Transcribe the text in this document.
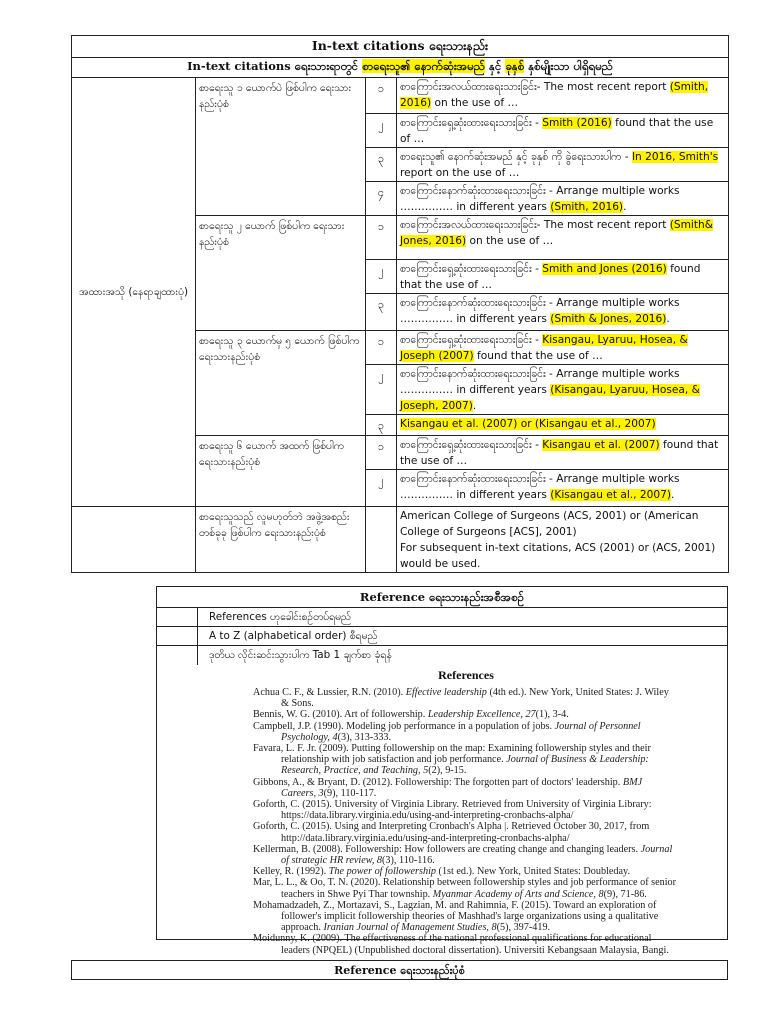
In-text citations ရေးသားနည်း			
In-text citations ရေးသားရာတွင် စာရေးသူ၏ နောက်ဆုံးအမည် နှင့် ခုနှစ် နှစ်မျိုးသာ ပါရှိရမည်			
အထားအသို (နေရာချထားပုံ)	စာရေးသူ ၁ ယောက်ပဲ ဖြစ်ပါက ရေးသားနည်းပုံစံ	၁	စာကြောင်းအလယ်ထားရေးသားခြင်း- The most recent report (Smith, 2016) on the use of …
		၂	စာကြောင်းရှေ့ဆုံးထားရေးသားခြင်း - Smith (2016) found that the use of …
		၃	စာရေးသူ၏ နောက်ဆုံးအမည် နှင့် ခုနှစ် ကို ခွဲရေးသားပါက - In 2016, Smith's report on the use of …
		၄	စာကြောင်းနောက်ဆုံးထားရေးသားခြင်း - Arrange multiple works …………… in different years (Smith, 2016).
	စာရေးသူ ၂ ယောက် ဖြစ်ပါက ရေးသားနည်းပုံစံ	၁	စာကြောင်းအလယ်ထားရေးသားခြင်း- The most recent report (Smith& Jones, 2016) on the use of …
		၂	စာကြောင်းရှေ့ဆုံးထားရေးသားခြင်း - Smith and Jones (2016) found that the use of …
		၃	စာကြောင်းနောက်ဆုံးထားရေးသားခြင်း - Arrange multiple works …………… in different years (Smith & Jones, 2016).
	စာရေးသူ ၃ ယောက်မှ ၅ ယောက် ဖြစ်ပါက ရေးသားနည်းပုံစံ	၁	စာကြောင်းရှေ့ဆုံးထားရေးသားခြင်း - Kisangau, Lyaruu, Hosea, & Joseph (2007) found that the use of …
		၂	စာကြောင်းနောက်ဆုံးထားရေးသားခြင်း - Arrange multiple works …………… in different years (Kisangau, Lyaruu, Hosea, & Joseph, 2007).
		၃	Kisangau et al. (2007) or (Kisangau et al., 2007)
	စာရေးသူ ၆ ယောက် အထက် ဖြစ်ပါက ရေးသားနည်းပုံစံ	၁	စာကြောင်းရှေ့ဆုံးထားရေးသားခြင်း - Kisangau et al. (2007) found that the use of …
		၂	စာကြောင်းနောက်ဆုံးထားရေးသားခြင်း - Arrange multiple works …………… in different years (Kisangau et al., 2007).
	စာရေးသူသည် လူမဟုတ်ဘဲ အဖွဲ့အစည်း တစ်ခုခု ဖြစ်ပါက ရေးသားနည်းပုံစံ		American College of Surgeons (ACS, 2001) or (American College of Surgeons [ACS], 2001)
For subsequent in-text citations, ACS (2001) or (ACS, 2001) would be used.
Reference ရေးသားနည်းအစီအစဉ်
References ဟုခေါင်းစဉ်တပ်ရမည်
A to Z (alphabetical order) စီရမည်
ဒုတိယ လိုင်းဆင်းသွားပါက Tab 1 ချက်စာ ခုံရန်
References

Achua C. F., & Lussier, R.N. (2010). Effective leadership (4th ed.). New York, United States: J. Wiley & Sons.

Bennis, W. G. (2010). Art of followership. Leadership Excellence, 27(1), 3-4.

Campbell, J.P. (1990). Modeling job performance in a population of jobs. Journal of Personnel Psychology, 4(3), 313-333.

Favara, L. F. Jr. (2009). Putting followership on the map: Examining followership styles and their relationship with job satisfaction and job performance. Journal of Business & Leadership: Research, Practice, and Teaching, 5(2), 9-15.

Gibbons, A., & Bryant, D. (2012). Followership: The forgotten part of doctors' leadership. BMJ Careers, 3(9), 110-117.

Goforth, C. (2015). University of Virginia Library. Retrieved from University of Virginia Library: https://data.library.virginia.edu/using-and-interpreting-cronbachs-alpha/

Goforth, C. (2015). Using and Interpreting Cronbach's Alpha |. Retrieved October 30, 2017, from http://data.library.virginia.edu/using-and-interpreting-cronbachs-alpha/

Kellerman, B. (2008). Followership: How followers are creating change and changing leaders. Journal of strategic HR review, 8(3), 110-116.

Kelley, R. (1992). The power of followership (1st ed.). New York, United States: Doubleday.

Mar, L. L., & Oo, T. N. (2020). Relationship between followership styles and job performance of senior teachers in Shwe Pyi Thar township. Myanmar Academy of Arts and Science, 8(9), 71-86.

Mohamadzadeh, Z., Mortazavi, S., Lagzian, M. and Rahimnia, F. (2015). Toward an exploration of follower's implicit followership theories of Mashhad's large organizations using a qualitative approach. Iranian Journal of Management Studies, 8(5), 397-419.

Moidunny, K. (2009). The effectiveness of the national professional qualifications for educational leaders (NPQEL) (Unpublished doctoral dissertation). Universiti Kebangsaan Malaysia, Bangi.

Reference ရေးသားနည်းပုံစံ
